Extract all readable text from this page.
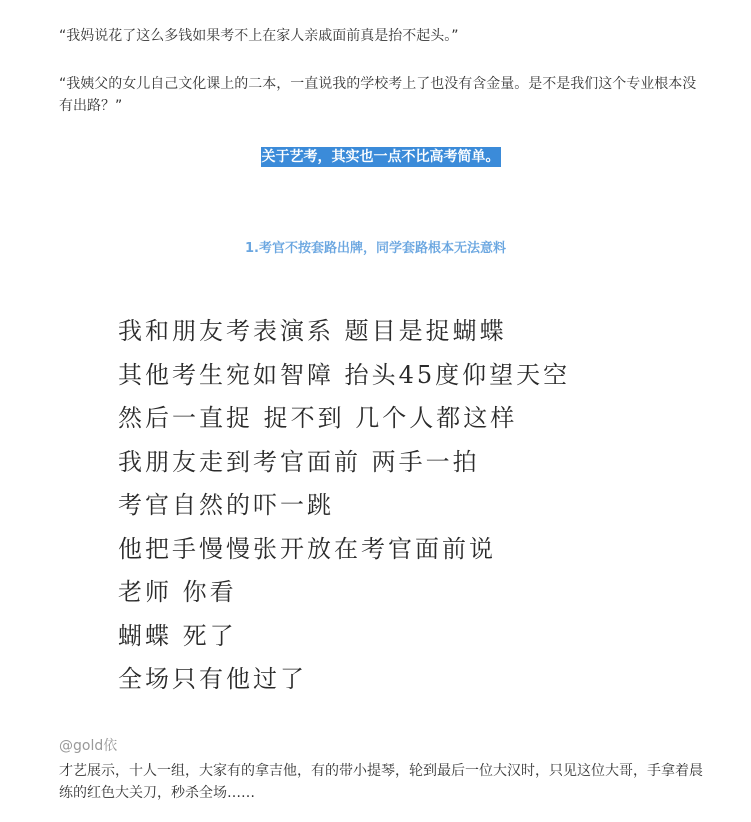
“我妈说花了这么多钱如果考不上在家人亲戚面前真是抬不起头。”

“我姨父的女儿自己文化课上的二本，一直说我的学校考上了也没有含金量。是不是我们这个专业根本没有出路？”

关于艺考，其实也一点不比高考简单。

1.考官不按套路出牌，同学套路根本无法意料

我和朋友考表演系 题目是捉蝴蝶
其他考生宛如智障 抬头45度仰望天空
然后一直捉 捉不到 几个人都这样
我朋友走到考官面前 两手一拍
考官自然的吓一跳
他把手慢慢张开放在考官面前说
老师 你看
蝴蝶 死了
全场只有他过了
@gold依

才艺展示，十人一组，大家有的拿吉他，有的带小提琴，轮到最后一位大汉时，只见这位大哥，手拿着晨练的红色大关刀，秒杀全场……
